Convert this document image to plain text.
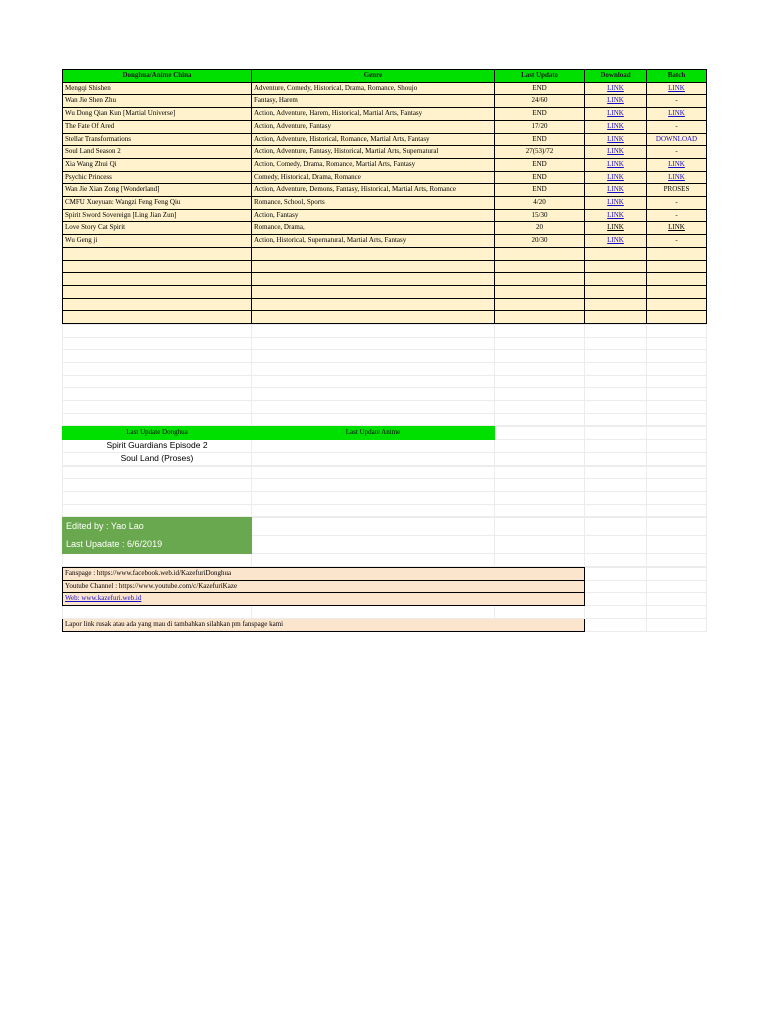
Donghua/Anime China	Genre	Last Update	Download	Batch
Mengqi Shishen	Adventure, Comedy, Historical, Drama, Romance, Shoujo	END	LINK	LINK
Wan Jie Shen Zhu	Fantasy, Harem	24/60	LINK	-
Wu Dong Qian Kun [Martial Universe]	Action, Adventure, Harem, Historical, Martial Arts, Fantasy	END	LINK	LINK
The Fate Of Ared	Action, Adventure, Fantasy	17/20	LINK	-
Stellar Transformations	Action, Adventure, Historical, Romance, Martial Arts, Fantasy	END	LINK	DOWNLOAD
Soul Land Season 2	Action, Adventure, Fantasy, Historical, Martial Arts, Supernatural	27(53)/72	LINK	-
Xia Wang Zhui Qi	Action, Comedy, Drama, Romance, Martial Arts, Fantasy	END	LINK	LINK
Psychic Princess	Comedy, Historical, Drama, Romance	END	LINK	LINK
Wan Jie Xian Zong [Wonderland]	Action, Adventure, Demons, Fantasy, Historical, Martial Arts, Romance	END	LINK	PROSES
CMFU Xueyuan: Wangzi Feng Feng Qiu	Romance, School, Sports	4/20	LINK	-
Spirit Sword Sovereign [Ling Jian Zun]	Action, Fantasy	15/30	LINK	-
Love Story Cat Spirit	Romance, Drama,	20	LINK	LINK
Wu Geng ji	Action, Historical, Supernatural, Martial Arts, Fantasy	20/30	LINK	-

Last Update Donghua	Last Update Anime			
Spirit Guardians Episode 2				
Soul Land (Proses)				

Edited by : Yao Lao				
Last Upadate : 6/6/2019				

Fanspage : https://www.facebook.web.id/KazefuriDonghua				
Youtube Channel : https://www.youtube.com/c/KazefuriKaze				
Web: www.kazefuri.web.id				

Lapor link rusak atau ada yang mau di tambahkan silahkan pm fanspage kami				
